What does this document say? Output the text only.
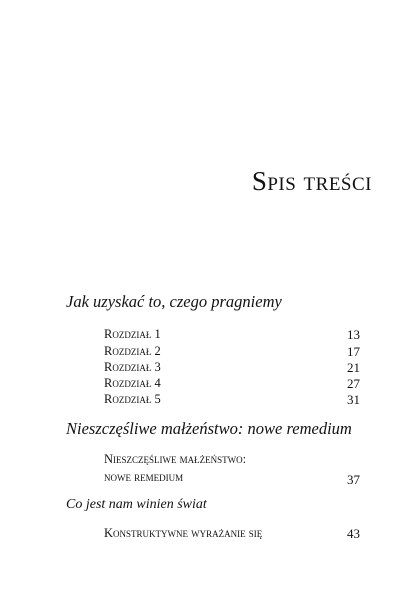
Spis treści
Jak uzyskać to, czego pragniemy
Rozdział 1	13
Rozdział 2	17
Rozdział 3	21
Rozdział 4	27
Rozdział 5	31
Nieszczęśliwe małżeństwo: nowe remedium
Nieszczęśliwe małżeństwo:
nowe remedium	37
Co jest nam winien świat
Konstruktywne wyrażanie się	43
